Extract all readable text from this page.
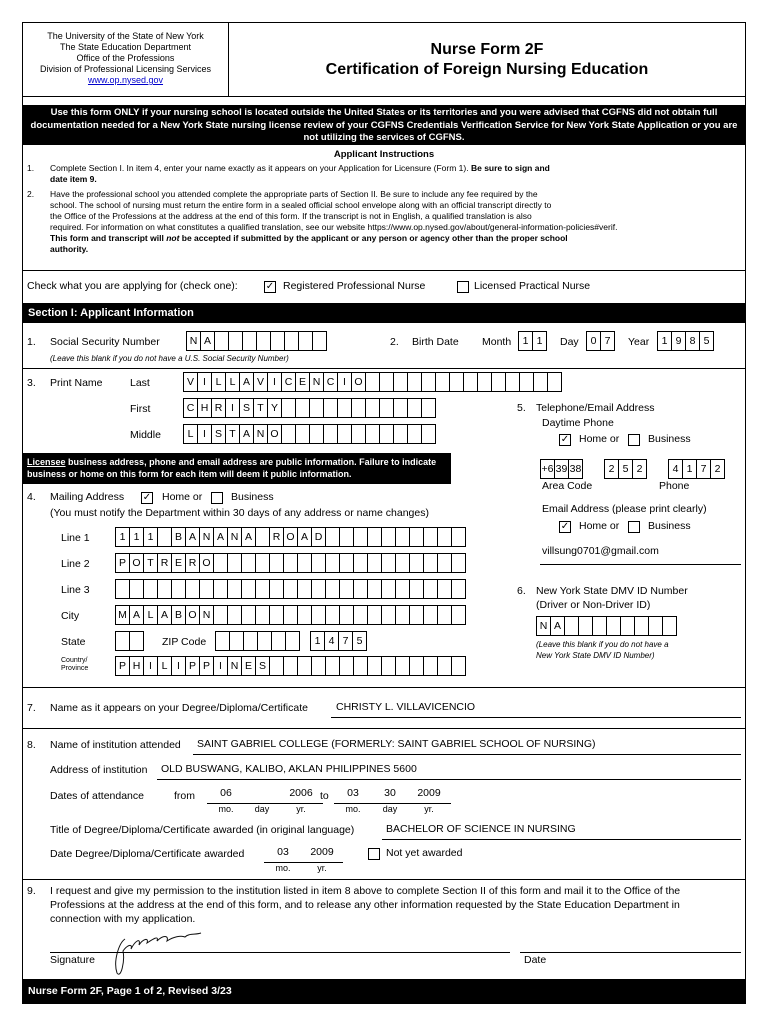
The University of the State of New York
The State Education Department
Office of the Professions
Division of Professional Licensing Services
www.op.nysed.gov
Nurse Form 2F
Certification of Foreign Nursing Education
Use this form ONLY if your nursing school is located outside the United States or its territories and you were advised that CGFNS did not obtain full documentation needed for a New York State nursing license review of your CGFNS Credentials Verification Service for New York State Application or you are not utilizing the services of CGFNS.
Applicant Instructions
1. Complete Section I. In item 4, enter your name exactly as it appears on your Application for Licensure (Form 1). Be sure to sign and
date item 9.
2. Have the professional school you attended complete the appropriate parts of Section II. Be sure to include any fee required by the
school. The school of nursing must return the entire form in a sealed official school envelope along with an official transcript directly to
the Office of the Professions at the address at the end of this form. If the transcript is not in English, a qualified translation is also
required. For information on what constitutes a qualified translation, see our website https://www.op.nysed.gov/about/general-information-policies#verif.
This form and transcript will not be accepted if submitted by the applicant or any person or agency other than the proper school
authority.
Check what you are applying for (check one):	✓ Registered Professional Nurse	Licensed Practical Nurse
Section I: Applicant Information
1. Social Security Number	N A
(Leave this blank if you do not have a U.S. Social Security Number)
2. Birth Date Month	1 1	Day	0 7	Year	1 9 8 5
3. Print Name	Last	V I L L A V I C E N C I O
First	C H R I S T Y
Middle	L I S T A N O
5. Telephone/Email Address
Daytime Phone
✓ Home or	Business
Licensee business address, phone and email address are public information. Failure to indicate business or home on this form for each item will deem it public information.	+6 39 38	2 5 2	4 1 7 2
Area Code	Phone
Email Address (please print clearly)
✓ Home or	Business
villsung0701@gmail.com
4. Mailing Address ✓ Home or	Business
(You must notify the Department within 30 days of any address or name changes)
Line 1	1 1 1	B A N A N A	R O A D
Line 2	P O T R E R O
Line 3
City	M A L A B O N
State	ZIP Code	1 4 7 5
Country/
Province	P H I L I P P I N E S
6. New York State DMV ID Number
(Driver or Non-Driver ID)
N A
(Leave this blank if you do not have a
New York State DMV ID Number)
7. Name as it appears on your Degree/Diploma/Certificate	CHRISTY L. VILLAVICENCIO
8. Name of institution attended SAINT GABRIEL COLLEGE (FORMERLY: SAINT GABRIEL SCHOOL OF NURSING)
Address of institution OLD BUSWANG, KALIBO, AKLAN PHILIPPINES 5600
Dates of attendance	from	06	2006
mo.	day	yr.
to	03	30	2009
mo.	day	yr.
Title of Degree/Diploma/Certificate awarded (in original language)	BACHELOR OF SCIENCE IN NURSING
Date Degree/Diploma/Certificate awarded	03	2009
mo.	yr.
Not yet awarded
9. I request and give my permission to the institution listed in item 8 above to complete Section II of this form and mail it to the Office of the
Professions at the address at the end of this form, and to release any other information requested by the State Education Department in
connection with my application.
Signature	Date
Nurse Form 2F, Page 1 of 2, Revised 3/23
